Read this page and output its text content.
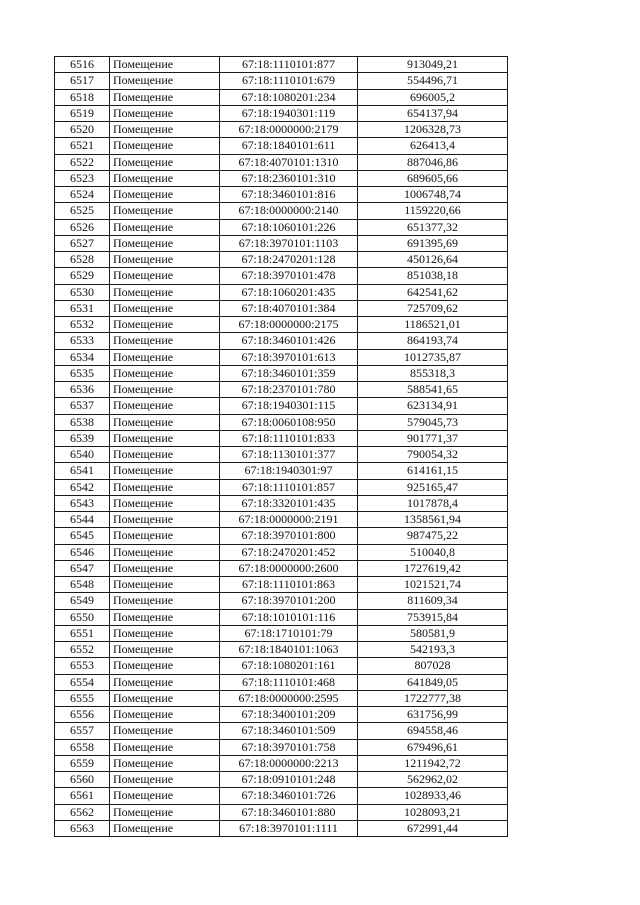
6516	Помещение	67:18:1110101:877	913049,21
6517	Помещение	67:18:1110101:679	554496,71
6518	Помещение	67:18:1080201:234	696005,2
6519	Помещение	67:18:1940301:119	654137,94
6520	Помещение	67:18:0000000:2179	1206328,73
6521	Помещение	67:18:1840101:611	626413,4
6522	Помещение	67:18:4070101:1310	887046,86
6523	Помещение	67:18:2360101:310	689605,66
6524	Помещение	67:18:3460101:816	1006748,74
6525	Помещение	67:18:0000000:2140	1159220,66
6526	Помещение	67:18:1060101:226	651377,32
6527	Помещение	67:18:3970101:1103	691395,69
6528	Помещение	67:18:2470201:128	450126,64
6529	Помещение	67:18:3970101:478	851038,18
6530	Помещение	67:18:1060201:435	642541,62
6531	Помещение	67:18:4070101:384	725709,62
6532	Помещение	67:18:0000000:2175	1186521,01
6533	Помещение	67:18:3460101:426	864193,74
6534	Помещение	67:18:3970101:613	1012735,87
6535	Помещение	67:18:3460101:359	855318,3
6536	Помещение	67:18:2370101:780	588541,65
6537	Помещение	67:18:1940301:115	623134,91
6538	Помещение	67:18:0060108:950	579045,73
6539	Помещение	67:18:1110101:833	901771,37
6540	Помещение	67:18:1130101:377	790054,32
6541	Помещение	67:18:1940301:97	614161,15
6542	Помещение	67:18:1110101:857	925165,47
6543	Помещение	67:18:3320101:435	1017878,4
6544	Помещение	67:18:0000000:2191	1358561,94
6545	Помещение	67:18:3970101:800	987475,22
6546	Помещение	67:18:2470201:452	510040,8
6547	Помещение	67:18:0000000:2600	1727619,42
6548	Помещение	67:18:1110101:863	1021521,74
6549	Помещение	67:18:3970101:200	811609,34
6550	Помещение	67:18:1010101:116	753915,84
6551	Помещение	67:18:1710101:79	580581,9
6552	Помещение	67:18:1840101:1063	542193,3
6553	Помещение	67:18:1080201:161	807028
6554	Помещение	67:18:1110101:468	641849,05
6555	Помещение	67:18:0000000:2595	1722777,38
6556	Помещение	67:18:3400101:209	631756,99
6557	Помещение	67:18:3460101:509	694558,46
6558	Помещение	67:18:3970101:758	679496,61
6559	Помещение	67:18:0000000:2213	1211942,72
6560	Помещение	67:18:0910101:248	562962,02
6561	Помещение	67:18:3460101:726	1028933,46
6562	Помещение	67:18:3460101:880	1028093,21
6563	Помещение	67:18:3970101:1111	672991,44
